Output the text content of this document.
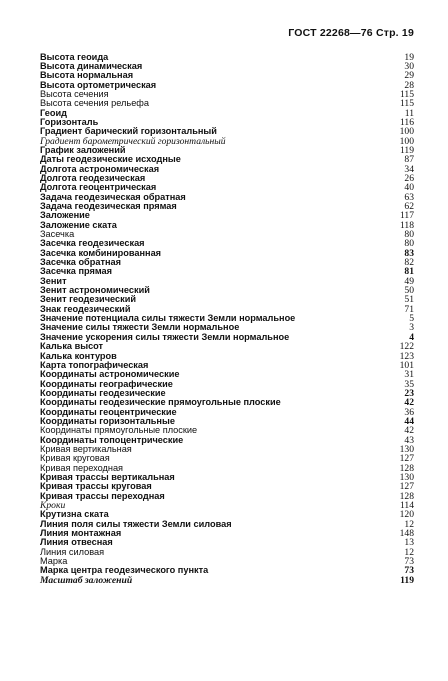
ГОСТ 22268—76 Стр. 19
Высота геоида	19
Высота динамическая	30
Высота нормальная	29
Высота ортометрическая	28
Высота сечения	115
Высота сечения рельефа	115
Геоид	11
Горизонталь	116
Градиент барический горизонтальный	100
Градиент барометрический горизонтальный	100
График заложений	119
Даты геодезические исходные	87
Долгота астрономическая	34
Долгота геодезическая	26
Долгота геоцентрическая	40
Задача геодезическая обратная	63
Задача геодезическая прямая	62
Заложение	117
Заложение ската	118
Засечка	80
Засечка геодезическая	80
Засечка комбинированная	83
Засечка обратная	82
Засечка прямая	81
Зенит	49
Зенит астрономический	50
Зенит геодезический	51
Знак геодезический	71
Значение потенциала силы тяжести Земли нормальное	5
Значение силы тяжести Земли нормальное	3
Значение ускорения силы тяжести Земли нормальное	4
Калька высот	122
Калька контуров	123
Карта топографическая	101
Координаты астрономические	31
Координаты географические	35
Координаты геодезические	23
Координаты геодезические прямоугольные плоские	42
Координаты геоцентрические	36
Координаты горизонтальные	44
Координаты прямоугольные плоские	42
Координаты топоцентрические	43
Кривая вертикальная	130
Кривая круговая	127
Кривая переходная	128
Кривая трассы вертикальная	130
Кривая трассы круговая	127
Кривая трассы переходная	128
Кроки	114
Крутизна ската	120
Линия поля силы тяжести Земли силовая	12
Линия монтажная	148
Линия отвесная	13
Линия силовая	12
Марка	73
Марка центра геодезического пункта	73
Масштаб заложений	119
